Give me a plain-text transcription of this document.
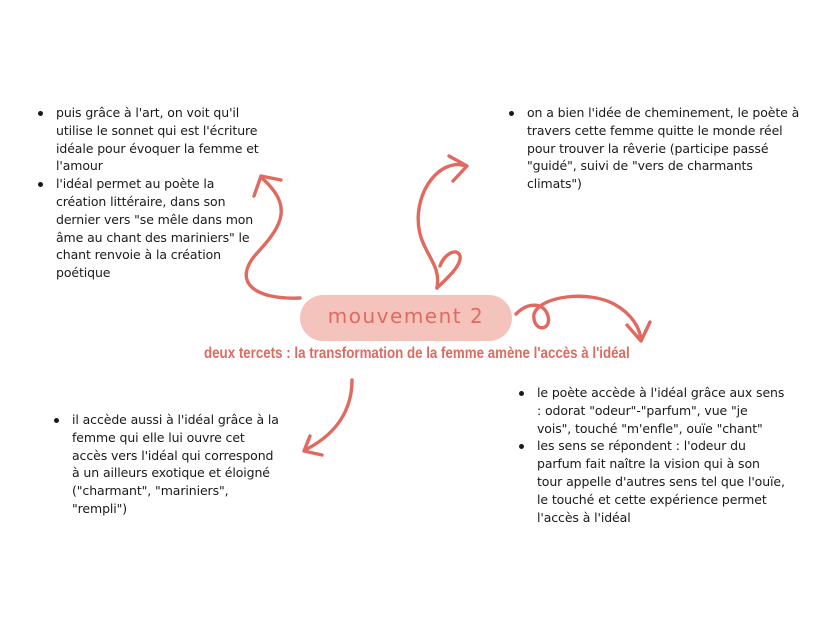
mouvement 2
deux tercets : la transformation de la femme amène l'accès à l'idéal
puis grâce à l'art, on voit qu'il utilise le sonnet qui est l'écriture idéale pour évoquer la femme et l'amour
l'idéal permet au poète la création littéraire, dans son dernier vers "se mêle dans mon âme au chant des mariniers" le chant renvoie à la création poétique
on a bien l'idée de cheminement, le poète à travers cette femme quitte le monde réel pour trouver la rêverie (participe passé "guidé", suivi de "vers de charmants climats")
il accède aussi à l'idéal grâce à la femme qui elle lui ouvre cet accès vers l'idéal qui correspond à un ailleurs exotique et éloigné ("charmant", "mariniers", "rempli")
le poète accède à l'idéal grâce aux sens : odorat "odeur"-"parfum", vue "je vois", touché "m'enfle", ouïe "chant"
les sens se répondent : l'odeur du parfum fait naître la vision qui à son tour appelle d'autres sens tel que l'ouïe, le touché et cette expérience permet l'accès à l'idéal
